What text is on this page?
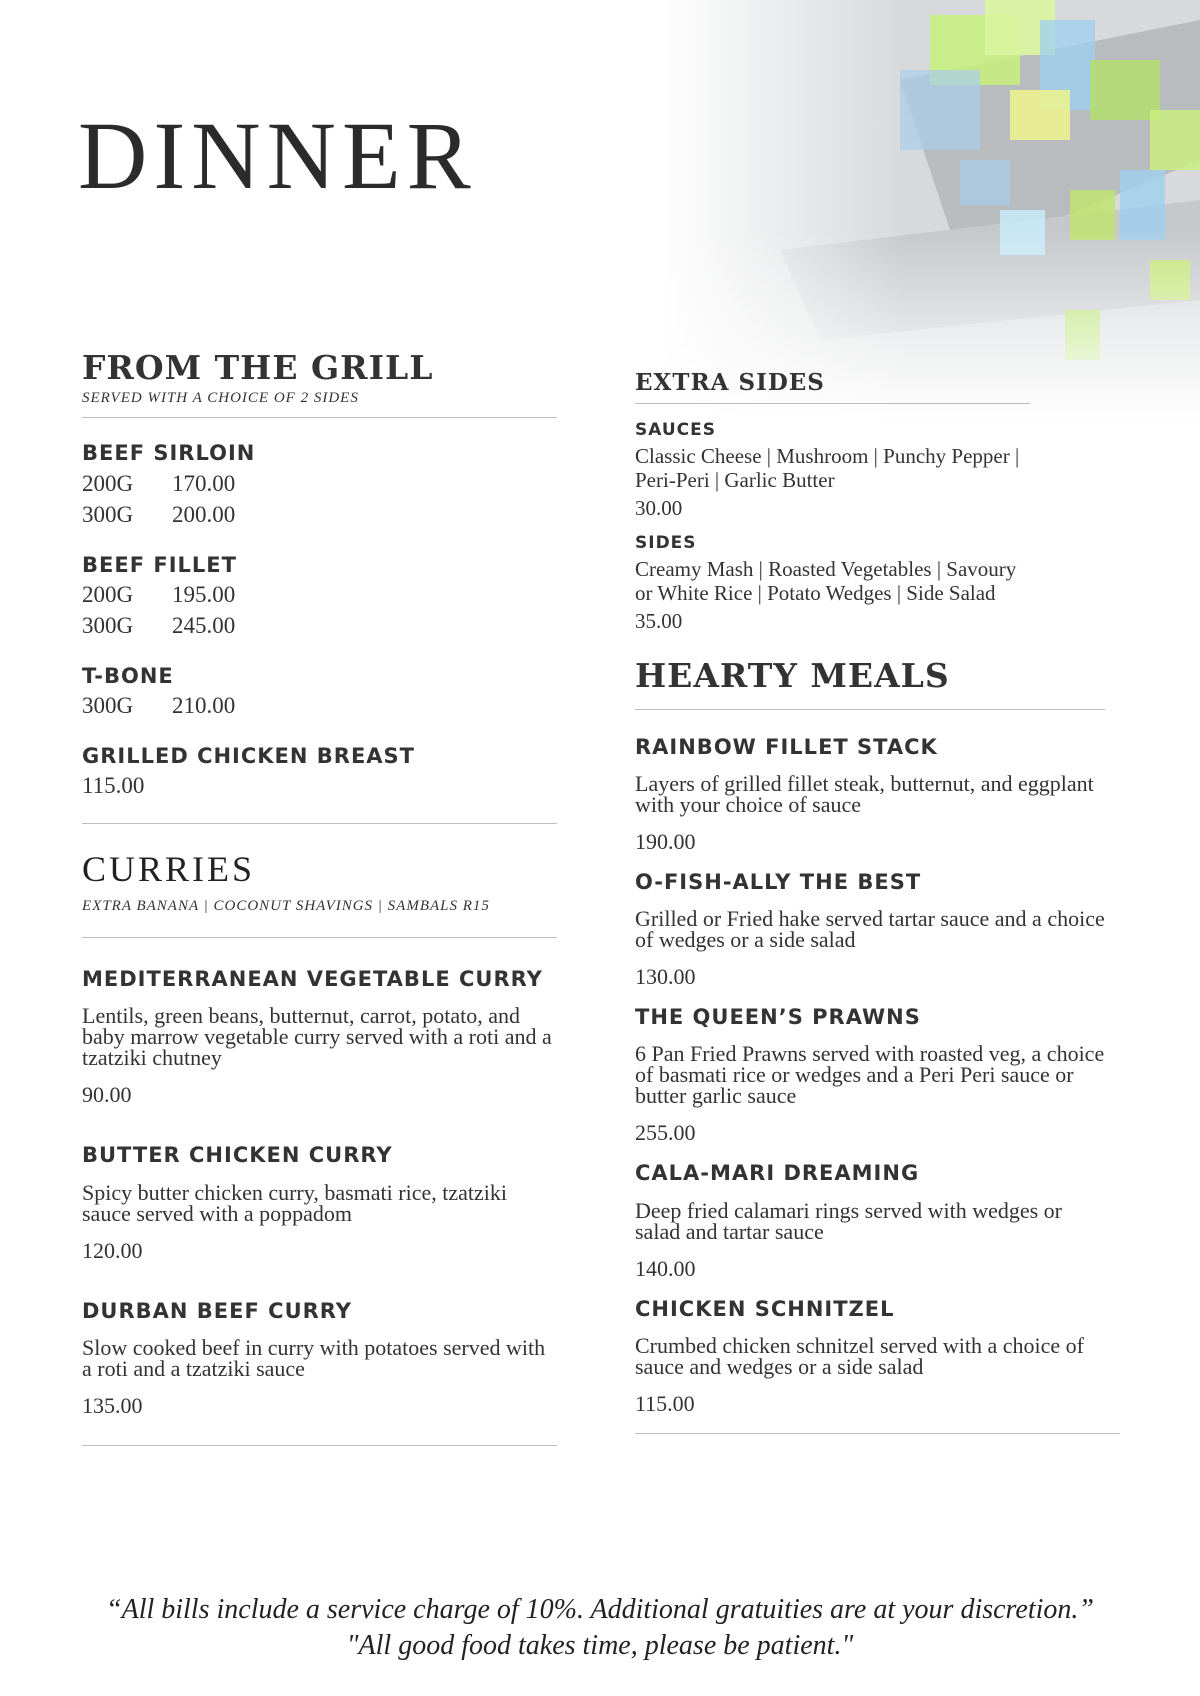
DINNER
FROM THE GRILL
SERVED WITH A CHOICE OF 2 SIDES
BEEF SIRLOIN
200G 170.00
300G 200.00
BEEF FILLET
200G 195.00
300G 245.00
T-BONE
300G 210.00
GRILLED CHICKEN BREAST
115.00
CURRIES
EXTRA BANANA | COCONUT SHAVINGS | SAMBALS R15
MEDITERRANEAN VEGETABLE CURRY
Lentils, green beans, butternut, carrot, potato, and baby marrow vegetable curry served with a roti and a tzatziki chutney
90.00
BUTTER CHICKEN CURRY
Spicy butter chicken curry, basmati rice, tzatziki sauce served with a poppadom
120.00
DURBAN BEEF CURRY
Slow cooked beef in curry with potatoes served with a roti and a tzatziki sauce
135.00
EXTRA SIDES
SAUCES
Classic Cheese | Mushroom | Punchy Pepper | Peri-Peri | Garlic Butter
30.00
SIDES
Creamy Mash | Roasted Vegetables | Savoury or White Rice | Potato Wedges | Side Salad
35.00
HEARTY MEALS
RAINBOW FILLET STACK
Layers of grilled fillet steak, butternut, and eggplant with your choice of sauce
190.00
O-FISH-ALLY THE BEST
Grilled or Fried hake served tartar sauce and a choice of wedges or a side salad
130.00
THE QUEEN’S PRAWNS
6 Pan Fried Prawns served with roasted veg, a choice of basmati rice or wedges and a Peri Peri sauce or butter garlic sauce
255.00
CALA-MARI DREAMING
Deep fried calamari rings served with wedges or salad and tartar sauce
140.00
CHICKEN SCHNITZEL
Crumbed chicken schnitzel served with a choice of sauce and wedges or a side salad
115.00
“All bills include a service charge of 10%. Additional gratuities are at your discretion.”
"All good food takes time, please be patient."
